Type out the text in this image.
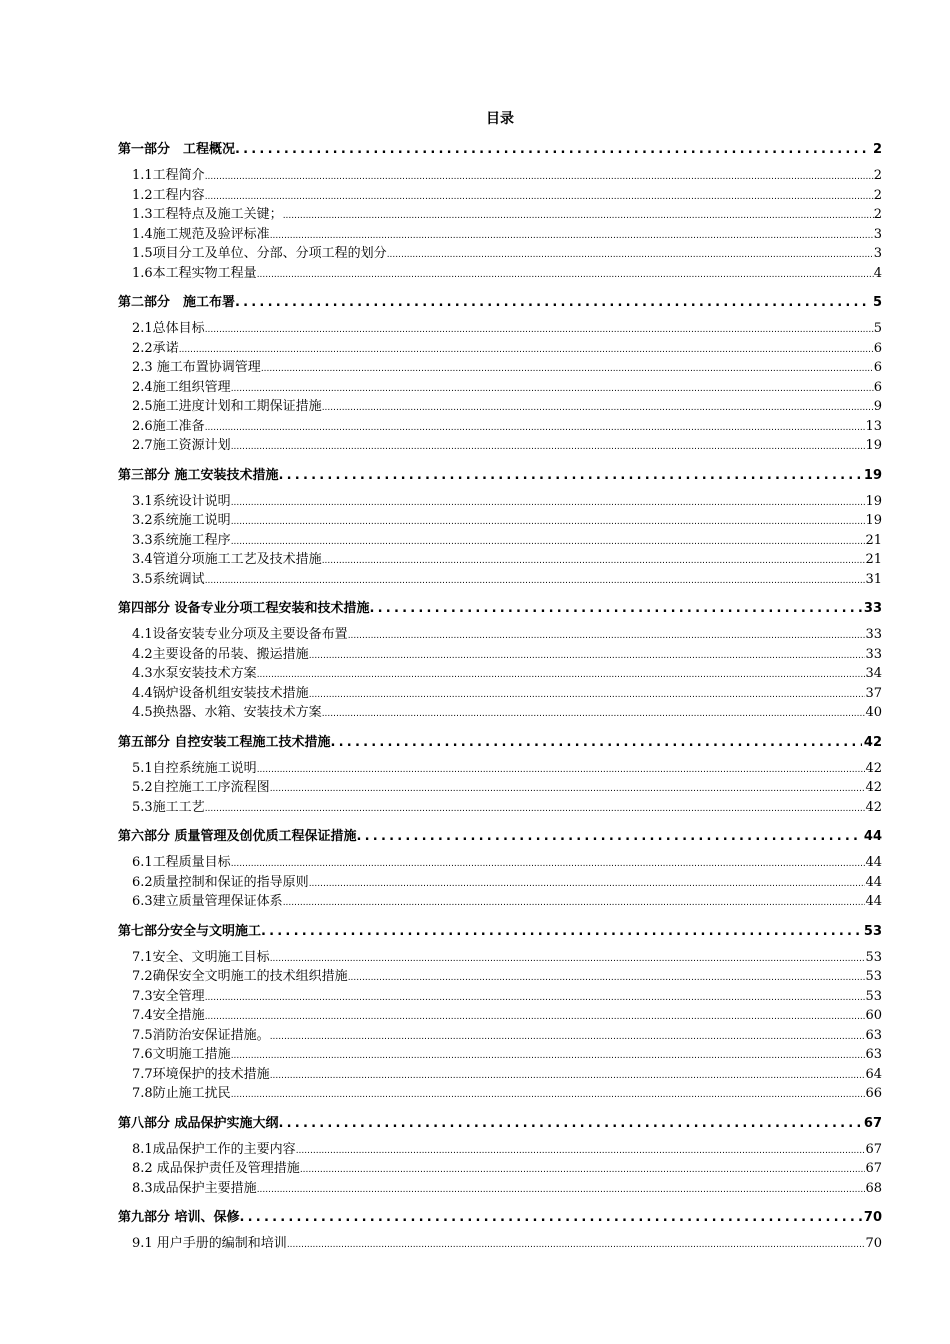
目录
第一部分　工程概况 .....	2
1.1工程简介 .....	2
1.2工程内容 .....	2
1.3工程特点及施工关键； .....	2
1.4施工规范及验评标准 .....	3
1.5项目分工及单位、分部、分项工程的划分 .....	3
1.6本工程实物工程量 .....	4
第二部分　施工布署 .....	5
2.1总体目标 .....	5
2.2承诺 .....	6
2.3 施工布置协调管理 .....	6
2.4施工组织管理 .....	6
2.5施工进度计划和工期保证措施 .....	9
2.6施工准备 .....	13
2.7施工资源计划 .....	19
第三部分 施工安装技术措施 .....	19
3.1系统设计说明 .....	19
3.2系统施工说明 .....	19
3.3系统施工程序 .....	21
3.4管道分项施工工艺及技术措施 .....	21
3.5系统调试 .....	31
第四部分 设备专业分项工程安装和技术措施 .....	33
4.1设备安装专业分项及主要设备布置 .....	33
4.2主要设备的吊装、搬运措施 .....	33
4.3水泵安装技术方案 .....	34
4.4锅炉设备机组安装技术措施 .....	37
4.5换热器、水箱、安装技术方案 .....	40
第五部分 自控安装工程施工技术措施 .....	42
5.1自控系统施工说明 .....	42
5.2自控施工工序流程图 .....	42
5.3施工工艺 .....	42
第六部分 质量管理及创优质工程保证措施 .....	44
6.1工程质量目标 .....	44
6.2质量控制和保证的指导原则 .....	44
6.3建立质量管理保证体系 .....	44
第七部分安全与文明施工 .....	53
7.1安全、文明施工目标 .....	53
7.2确保安全文明施工的技术组织措施 .....	53
7.3安全管理 .....	53
7.4安全措施 .....	60
7.5消防治安保证措施。 .....	63
7.6文明施工措施 .....	63
7.7环境保护的技术措施 .....	64
7.8防止施工扰民 .....	66
第八部分 成品保护实施大纲 .....	67
8.1成品保护工作的主要内容 .....	67
8.2 成品保护责任及管理措施 .....	67
8.3成品保护主要措施 .....	68
第九部分 培训、保修 .....	70
9.1 用户手册的编制和培训 .....	70
